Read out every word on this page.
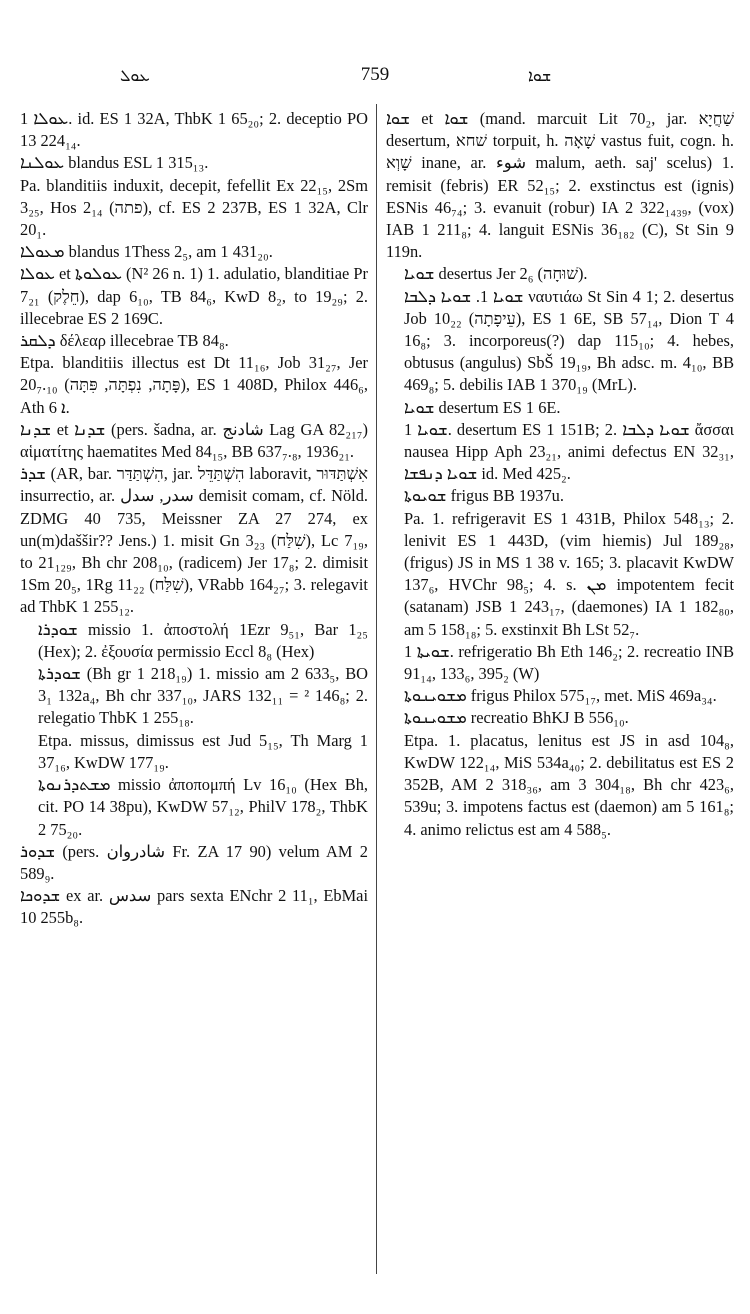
ܥܘܠ	759	ܫܘܐ

ܥܘܠܐ 1. id. ES 1 32A, ThbK 1 65₂₀; 2. deceptio PO 13 224₁₄.

ܥܘܠܢܐ blandus ESL 1 315₁₃.

Pa. blanditiis induxit, decepit, fefellit Ex 22₁₅, 2Sm 3₂₅, Hos 2₁₄ (פתה), cf. ES 2 237B, ES 1 32A, Clr 20₁.

ܡܥܘܠܐ blandus 1Thess 2₅, am 1 431₂₀.

ܥܘܠܐ et ܥܘܠܘܬܐ (N² 26 n. 1) 1. adulatio, blanditiae Pr 7₂₁ (חֵלֶק), dap 6₁₀, TB 84₆, KwD 8₂, to 19₂₉; 2. illecebrae ES 2 169C.

ܕܠܩܪ δέλεαρ illecebrae TB 84₈.

Etpa. blanditiis illectus est Dt 11₁₆, Job 31₂₇, Jer 20₇.₁₀ (פָּתָה, נִפְתָּה, פִּתָּה), ES 1 408D, Philox 446₆, Ath ܐ 6.

ܫܕܢܐ et ܫܕܢܐ (pers. šadna, ar. شادنج Lag GA 82₂₁₇) αἱματίτης haematites Med 84₁₅, BB 637₇.₈, 1936₂₁.

ܫܕܪ (AR, bar. הִשְׁתַּדַּר, jar. הִשְׁתַּדֵּל laboravit, אִשְׁתַּדּוּר insurrectio, ar. سدر, سدل demisit comam, cf. Nöld. ZDMG 40 735, Meissner ZA 27 274, ex un(m)daššir?? Jens.) 1. misit Gn 3₂₃ (שִׁלַּח), Lc 7₁₉, to 21₁₂₉, Bh chr 208₁₀, (radicem) Jer 17₈; 2. dimisit 1Sm 20₅, 1Rg 11₂₂ (שִׁלַּח), VRabb 164₂₇; 3. relegavit ad ThbK 1 255₁₂.

ܫܘܕܪܐ missio 1. ἀποστολή 1Ezr 9₅₁, Bar 1₂₅ (Hex); 2. ἐξουσία permissio Eccl 8₈ (Hex)

ܫܘܕܪܬܐ (Bh gr 1 218₁₉) 1. missio am 2 633₅, BO 3₁ 132a₄, Bh chr 337₁₀, JARS 132₁₁ = ² 146₈; 2. relegatio ThbK 1 255₁₈.

Etpa. missus, dimissus est Jud 5₁₅, Th Marg 1 37₁₆, KwDW 177₁₉.

ܡܫܬܕܪܢܘܬܐ missio ἀποπομπή Lv 16₁₀ (Hex Bh, cit. PO 14 38pu), KwDW 57₁₂, PhilV 178₂, ThbK 2 75₂₀.

ܫܕܘܪ (pers. شادروان Fr. ZA 17 90) velum AM 2 589₉.

ܫܕܘܟܐ ex ar. سدس pars sexta ENchr 2 11₁, EbMai 10 255b₈.

ܫܘܐ et ܫܘܐ (mand. marcuit Lit 70₂, jar. שַׁחֲיָא desertum, שׁחא torpuit, h. שָׁאָה vastus fuit, cogn. h. שָׁוְא inane, ar. شوء malum, aeth. saj' scelus) 1. remisit (febris) ER 52₁₅; 2. exstinctus est (ignis) ESNis 46₇₄; 3. evanuit (robur) IA 2 322₁₄₃₉, (vox) IAB 1 211₈; 4. languit ESNis 36₁₈₂ (C), St Sin 9 119n.

ܫܘܝܐ desertus Jer 2₆ (שׁוּחָה).

ܫܘܝܐ 1. ܫܘܝܐ ܕܠܒܐ ναυτιάω St Sin 4 1; 2. desertus Job 10₂₂ (עֵיפָתָה), ES 1 6E, SB 57₁₄, Dion T 4 16₈; 3. incorporeus(?) dap 115₁₀; 4. hebes, obtusus (angulus) SbŠ 19₁₉, Bh adsc. m. 4₁₀, BB 469₈; 5. debilis IAB 1 370₁₉ (MrL).

ܫܘܝܐ desertum ES 1 6E.

ܫܘܝܐ 1. desertum ES 1 151B; 2. ܫܘܝܐ ܕܠܒܐ ἄσσαι nausea Hipp Aph 23₂₁, animi defectus EN 32₃₁, ܫܘܝܐ ܕܢܦܫܐ id. Med 425₂.

ܫܘܝܘܬܐ frigus BB 1937u.

Pa. 1. refrigeravit ES 1 431B, Philox 548₁₃; 2. lenivit ES 1 443D, (vim hiemis) Jul 189₂₈, (frigus) JS in MS 1 38 v. 165; 3. placavit KwDW 137₆, HVChr 98₅; 4. s. ܡܢ impotentem fecit (satanam) JSB 1 243₁₇, (daemones) IA 1 182₈₀, am 5 158₁₈; 5. exstinxit Bh LSt 52₇.

ܫܘܝܬܐ 1. refrigeratio Bh Eth 146₂; 2. recreatio INB 91₁₄, 133₆, 395₂ (W)

ܡܫܘܝܢܘܬܐ frigus Philox 575₁₇, met. MiS 469a₃₄.

ܡܫܘܝܢܘܬܐ recreatio BhKJ B 556₁₀.

Etpa. 1. placatus, lenitus est JS in asd 104₈, KwDW 122₁₄, MiS 534a₄₀; 2. debilitatus est ES 2 352B, AM 2 318₃₆, am 3 304₁₈, Bh chr 423₆, 539u; 3. impotens factus est (daemon) am 5 161₈; 4. animo relictus est am 4 588₅.
